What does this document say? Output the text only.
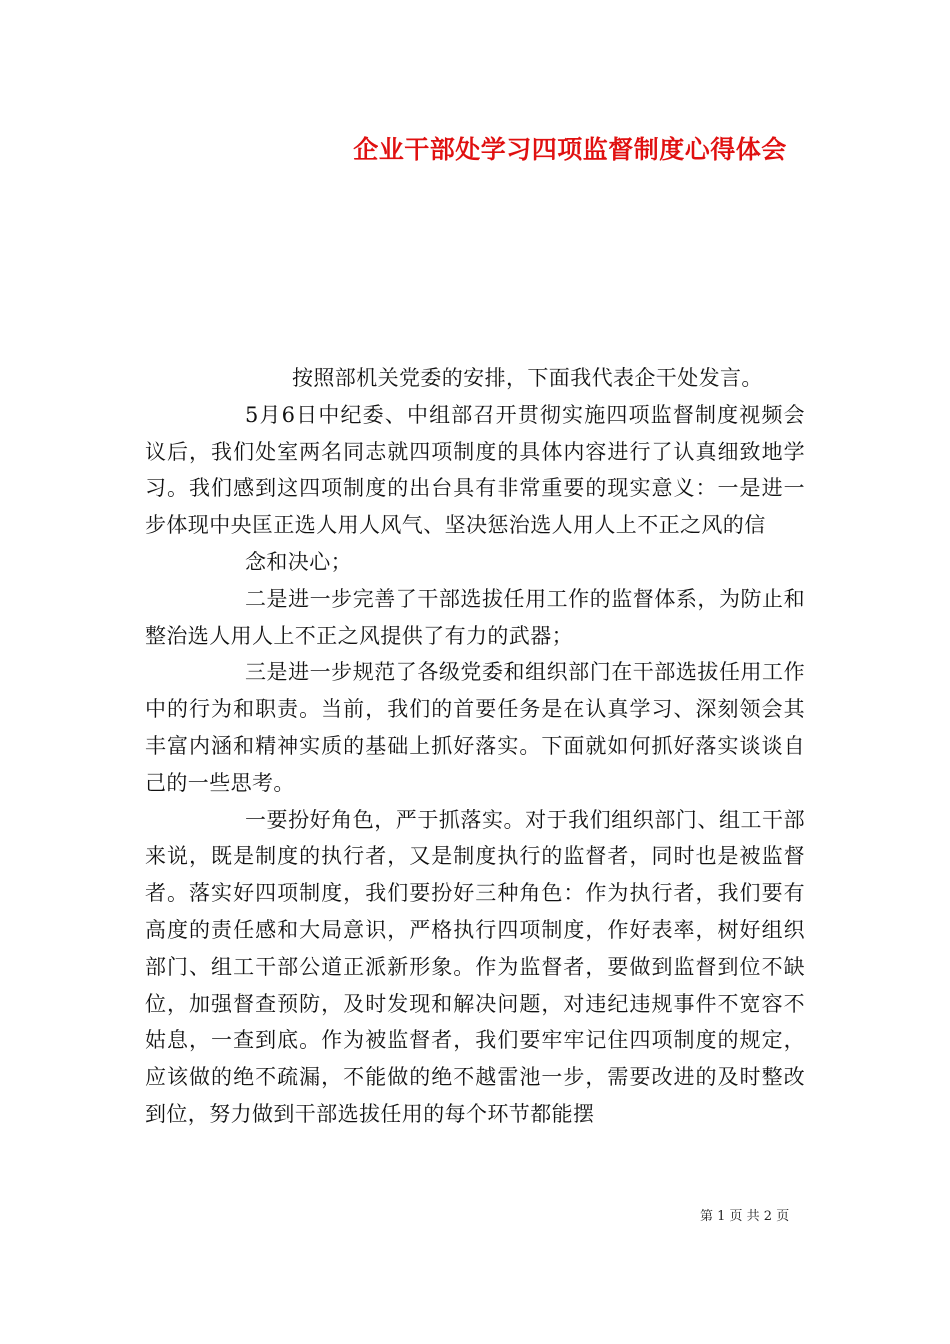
企业干部处学习四项监督制度心得体会

按照部机关党委的安排，下面我代表企干处发言。

5月6日中纪委、中组部召开贯彻实施四项监督制度视频会议后，我们处室两名同志就四项制度的具体内容进行了认真细致地学习。我们感到这四项制度的出台具有非常重要的现实意义：一是进一步体现中央匡正选人用人风气、坚决惩治选人用人上不正之风的信

念和决心；

二是进一步完善了干部选拔任用工作的监督体系，为防止和整治选人用人上不正之风提供了有力的武器；

三是进一步规范了各级党委和组织部门在干部选拔任用工作中的行为和职责。当前，我们的首要任务是在认真学习、深刻领会其丰富内涵和精神实质的基础上抓好落实。下面就如何抓好落实谈谈自己的一些思考。

一要扮好角色，严于抓落实。对于我们组织部门、组工干部来说，既是制度的执行者，又是制度执行的监督者，同时也是被监督者。落实好四项制度，我们要扮好三种角色：作为执行者，我们要有高度的责任感和大局意识，严格执行四项制度，作好表率，树好组织部门、组工干部公道正派新形象。作为监督者，要做到监督到位不缺位，加强督查预防，及时发现和解决问题，对违纪违规事件不宽容不姑息，一查到底。作为被监督者，我们要牢牢记住四项制度的规定，应该做的绝不疏漏，不能做的绝不越雷池一步，需要改进的及时整改到位，努力做到干部选拔任用的每个环节都能摆

第 1 页 共 2 页
